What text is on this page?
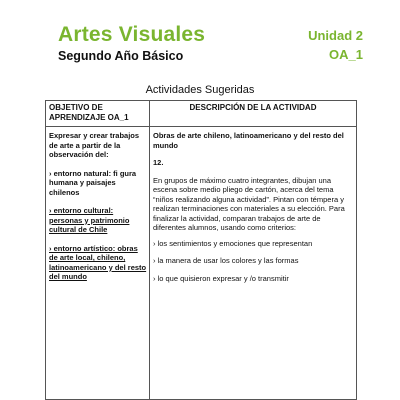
Artes Visuales
Segundo Año Básico
Unidad 2
OA_1
Actividades Sugeridas
OBJETIVO DE APRENDIZAJE OA_1
DESCRIPCIÓN DE LA ACTIVIDAD

Expresar y crear trabajos de arte a partir de la observación del:

› entorno natural: fi gura humana y paisajes chilenos

› entorno cultural: personas y patrimonio cultural de Chile

› entorno artístico: obras de arte local, chileno, latinoamericano y del resto del mundo

Obras de arte chileno, latinoamericano y del resto del mundo

12.

En grupos de máximo cuatro integrantes, dibujan una escena sobre medio pliego de cartón, acerca del tema “niños realizando alguna actividad”. Pintan con témpera y realizan terminaciones con materiales a su elección. Para finalizar la actividad, comparan trabajos de arte de diferentes alumnos, usando como criterios:

› los sentimientos y emociones que representan

› la manera de usar los colores y las formas

› lo que quisieron expresar y /o transmitir
